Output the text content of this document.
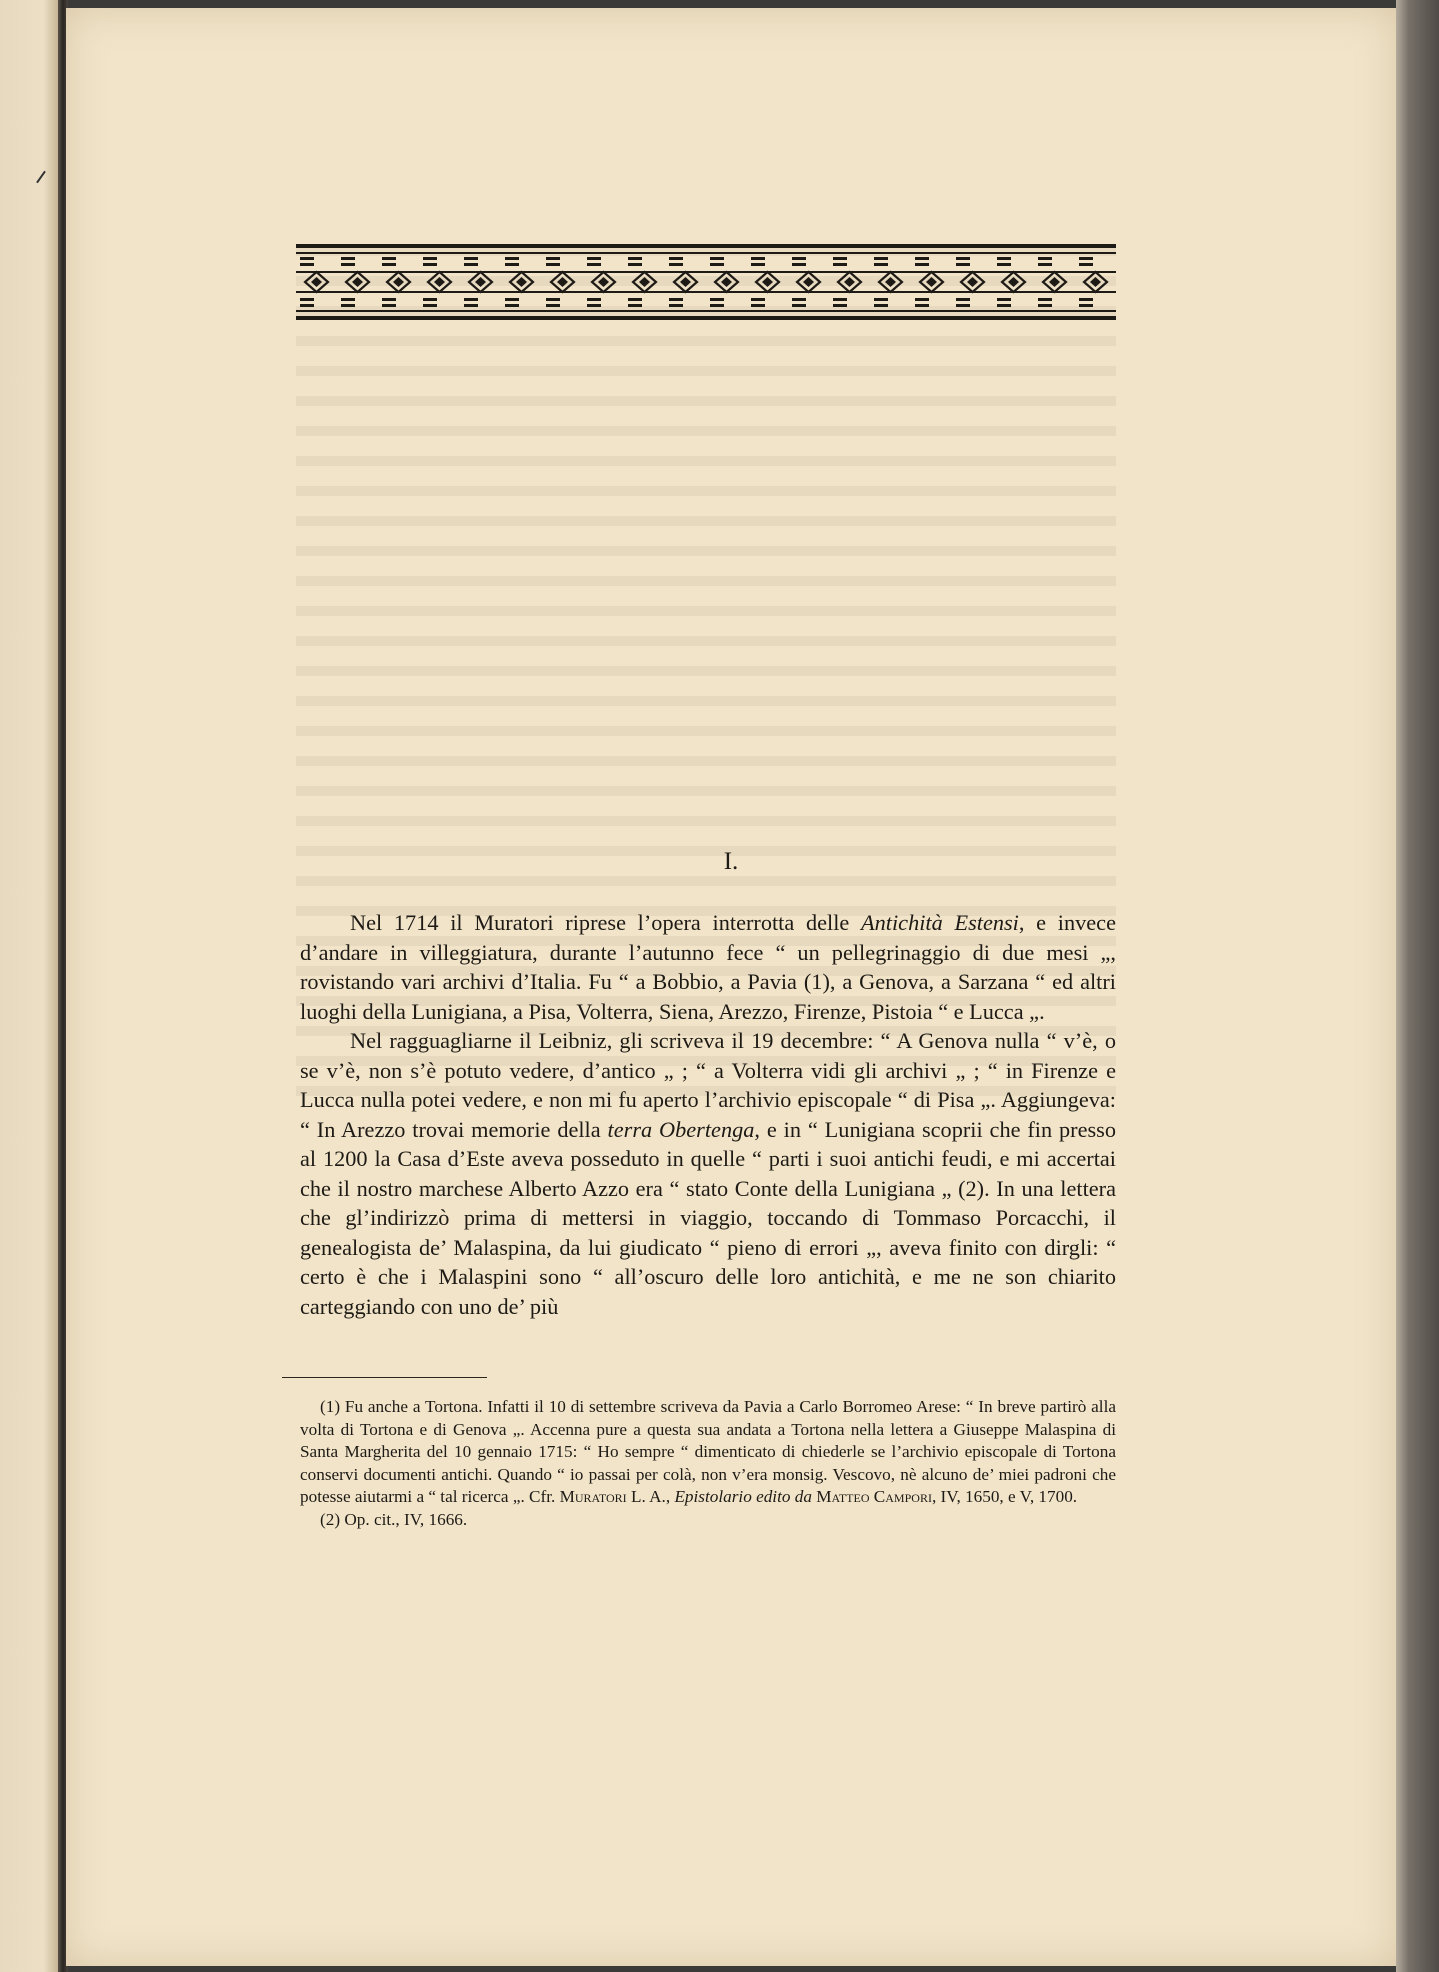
I.

Nel 1714 il Muratori riprese l’opera interrotta delle Antichità Estensi, e invece d’andare in villeggiatura, durante l’autunno fece “ un pellegrinaggio di due mesi „, rovistando vari archivi d’Italia. Fu “ a Bobbio, a Pavia (1), a Genova, a Sarzana “ ed altri luoghi della Lunigiana, a Pisa, Volterra, Siena, Arezzo, Firenze, Pistoia “ e Lucca „.

Nel ragguagliarne il Leibniz, gli scriveva il 19 decembre: “ A Genova nulla “ v’è, o se v’è, non s’è potuto vedere, d’antico „ ; “ a Volterra vidi gli archivi „ ; “ in Firenze e Lucca nulla potei vedere, e non mi fu aperto l’archivio episcopale “ di Pisa „. Aggiungeva: “ In Arezzo trovai memorie della terra Obertenga, e in “ Lunigiana scoprii che fin presso al 1200 la Casa d’Este aveva posseduto in quelle “ parti i suoi antichi feudi, e mi accertai che il nostro marchese Alberto Azzo era “ stato Conte della Lunigiana „ (2). In una lettera che gl’indirizzò prima di mettersi in viaggio, toccando di Tommaso Porcacchi, il genealogista de’ Malaspina, da lui giudicato “ pieno di errori „, aveva finito con dirgli: “ certo è che i Malaspini sono “ all’oscuro delle loro antichità, e me ne son chiarito carteggiando con uno de’ più

(1) Fu anche a Tortona. Infatti il 10 di settembre scriveva da Pavia a Carlo Borromeo Arese: “ In breve partirò alla volta di Tortona e di Genova „. Accenna pure a questa sua andata a Tortona nella lettera a Giuseppe Malaspina di Santa Margherita del 10 gennaio 1715: “ Ho sempre “ dimenticato di chiederle se l’archivio episcopale di Tortona conservi documenti antichi. Quando “ io passai per colà, non v’era monsig. Vescovo, nè alcuno de’ miei padroni che potesse aiutarmi a “ tal ricerca „. Cfr. Muratori L. A., Epistolario edito da Matteo Campori, IV, 1650, e V, 1700.

(2) Op. cit., IV, 1666.
